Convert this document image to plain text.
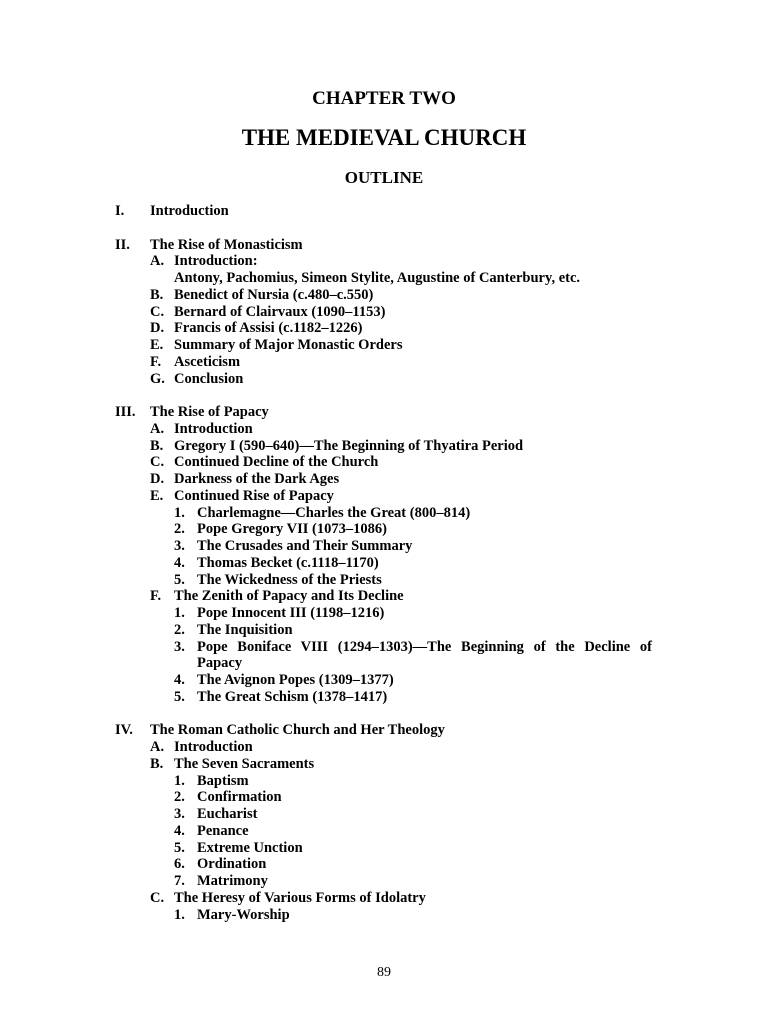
CHAPTER TWO
THE MEDIEVAL CHURCH
OUTLINE
I. Introduction
II. The Rise of Monasticism
A. Introduction:
Antony, Pachomius, Simeon Stylite, Augustine of Canterbury, etc.
B. Benedict of Nursia (c.480–c.550)
C. Bernard of Clairvaux (1090–1153)
D. Francis of Assisi (c.1182–1226)
E. Summary of Major Monastic Orders
F. Asceticism
G. Conclusion
III. The Rise of Papacy
A. Introduction
B. Gregory I (590–640)—The Beginning of Thyatira Period
C. Continued Decline of the Church
D. Darkness of the Dark Ages
E. Continued Rise of Papacy
1. Charlemagne—Charles the Great (800–814)
2. Pope Gregory VII (1073–1086)
3. The Crusades and Their Summary
4. Thomas Becket (c.1118–1170)
5. The Wickedness of the Priests
F. The Zenith of Papacy and Its Decline
1. Pope Innocent III (1198–1216)
2. The Inquisition
3. Pope Boniface VIII (1294–1303)—The Beginning of the Decline of
Papacy
4. The Avignon Popes (1309–1377)
5. The Great Schism (1378–1417)
IV. The Roman Catholic Church and Her Theology
A. Introduction
B. The Seven Sacraments
1. Baptism
2. Confirmation
3. Eucharist
4. Penance
5. Extreme Unction
6. Ordination
7. Matrimony
C. The Heresy of Various Forms of Idolatry
1. Mary-Worship
89
